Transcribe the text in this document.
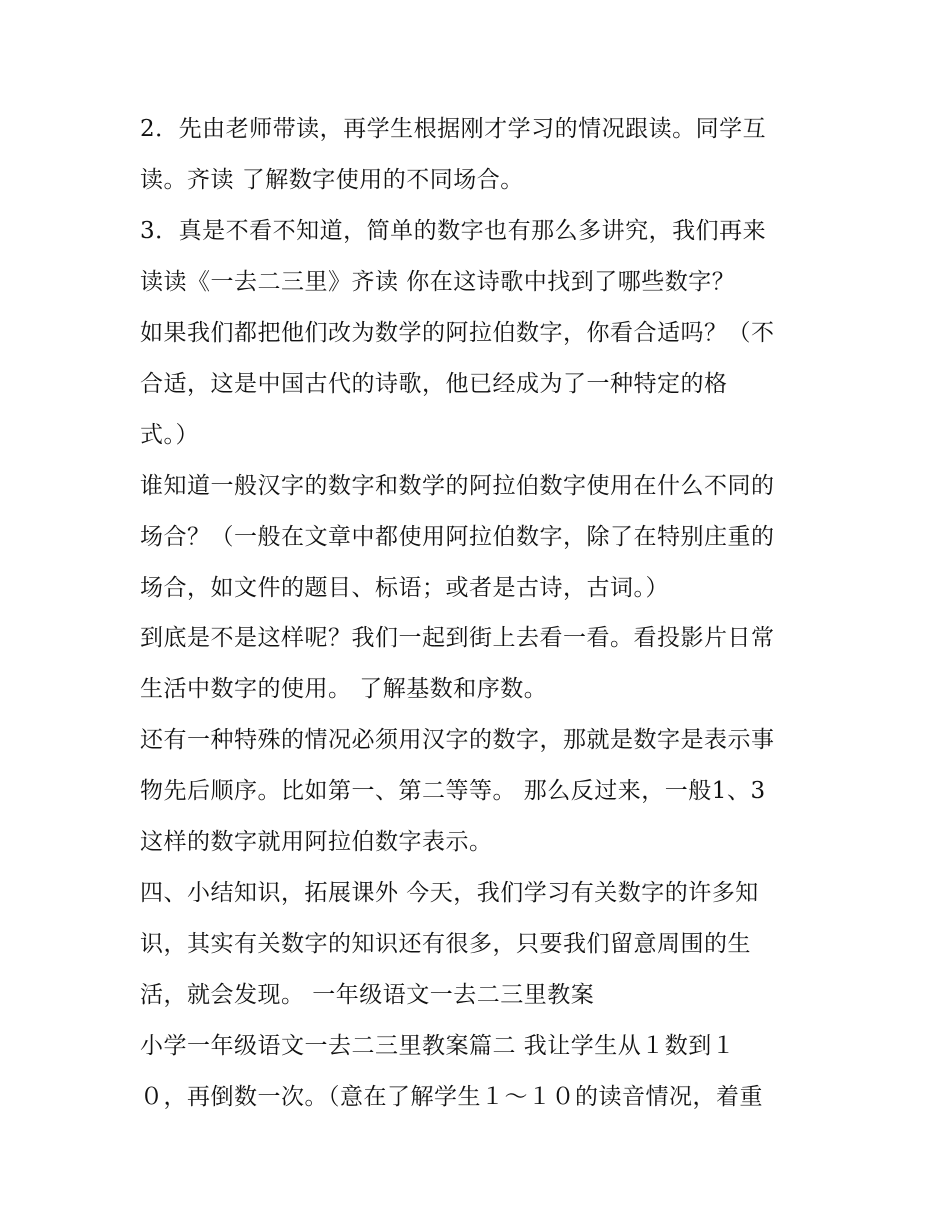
2．先由老师带读，再学生根据刚才学习的情况跟读。同学互
读。齐读 了解数字使用的不同场合。
3．真是不看不知道，简单的数字也有那么多讲究，我们再来
读读《一去二三里》齐读 你在这诗歌中找到了哪些数字？
如果我们都把他们改为数学的阿拉伯数字，你看合适吗？（不
合适，这是中国古代的诗歌，他已经成为了一种特定的格
式。）
谁知道一般汉字的数字和数学的阿拉伯数字使用在什么不同的
场合？（一般在文章中都使用阿拉伯数字，除了在特别庄重的
场合，如文件的题目、标语；或者是古诗，古词。）
到底是不是这样呢？我们一起到街上去看一看。看投影片日常
生活中数字的使用。 了解基数和序数。
还有一种特殊的情况必须用汉字的数字，那就是数字是表示事
物先后顺序。比如第一、第二等等。 那么反过来，一般1、3
这样的数字就用阿拉伯数字表示。
四、小结知识，拓展课外 今天，我们学习有关数字的许多知
识，其实有关数字的知识还有很多，只要我们留意周围的生
活，就会发现。 一年级语文一去二三里教案
小学一年级语文一去二三里教案篇二 我让学生从１数到１
０，再倒数一次。（意在了解学生１～１０的读音情况，着重
